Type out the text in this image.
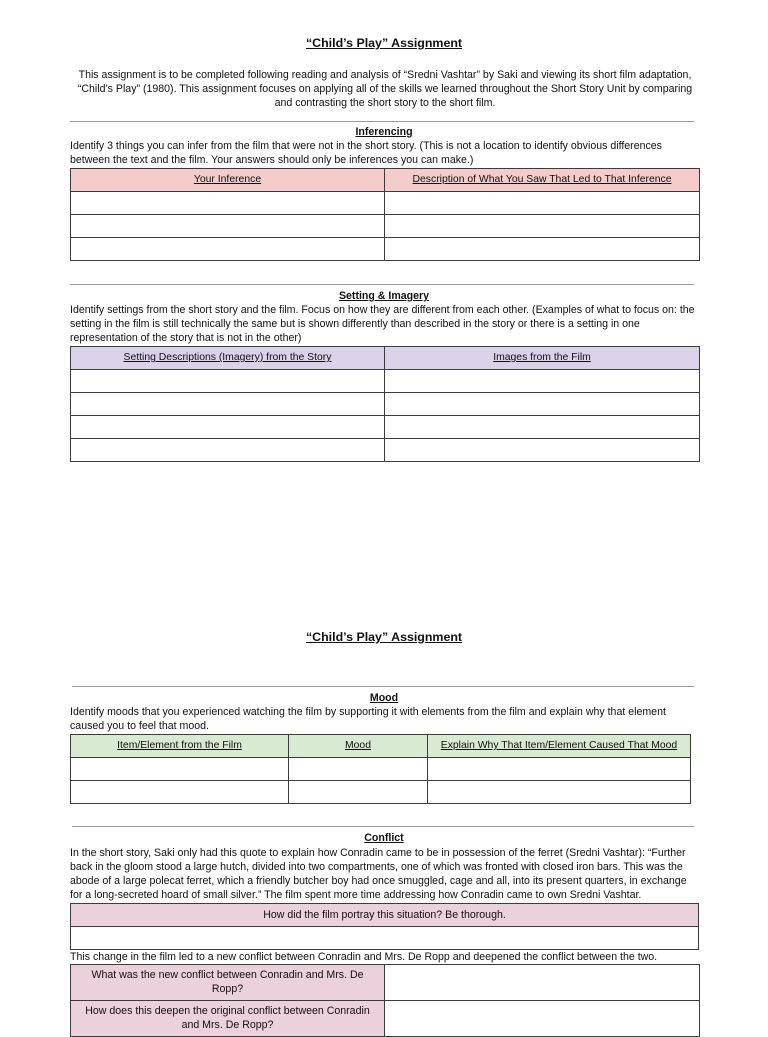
“Child’s Play” Assignment
This assignment is to be completed following reading and analysis of “Sredni Vashtar” by Saki and viewing its short film adaptation, “Child’s Play” (1980). This assignment focuses on applying all of the skills we learned throughout the Short Story Unit by comparing and contrasting the short story to the short film.
Inferencing
Identify 3 things you can infer from the film that were not in the short story. (This is not a location to identify obvious differences between the text and the film. Your answers should only be inferences you can make.)
Your Inference	Description of What You Saw That Led to That Inference

Setting & Imagery
Identify settings from the short story and the film. Focus on how they are different from each other. (Examples of what to focus on: the setting in the film is still technically the same but is shown differently than described in the story or there is a setting in one representation of the story that is not in the other)
Setting Descriptions (Imagery) from the Story	Images from the Film

“Child’s Play” Assignment
Mood
Identify moods that you experienced watching the film by supporting it with elements from the film and explain why that element caused you to feel that mood.
Item/Element from the Film	Mood	Explain Why That Item/Element Caused That Mood

Conflict
In the short story, Saki only had this quote to explain how Conradin came to be in possession of the ferret (Sredni Vashtar): “Further back in the gloom stood a large hutch, divided into two compartments, one of which was fronted with closed iron bars. This was the abode of a large polecat ferret, which a friendly butcher boy had once smuggled, cage and all, into its present quarters, in exchange for a long-secreted hoard of small silver.” The film spent more time addressing how Conradin came to own Sredni Vashtar.
How did the film portray this situation? Be thorough.

This change in the film led to a new conflict between Conradin and Mrs. De Ropp and deepened the conflict between the two.
What was the new conflict between Conradin and Mrs. De Ropp?	
How does this deepen the original conflict between Conradin and Mrs. De Ropp?	
